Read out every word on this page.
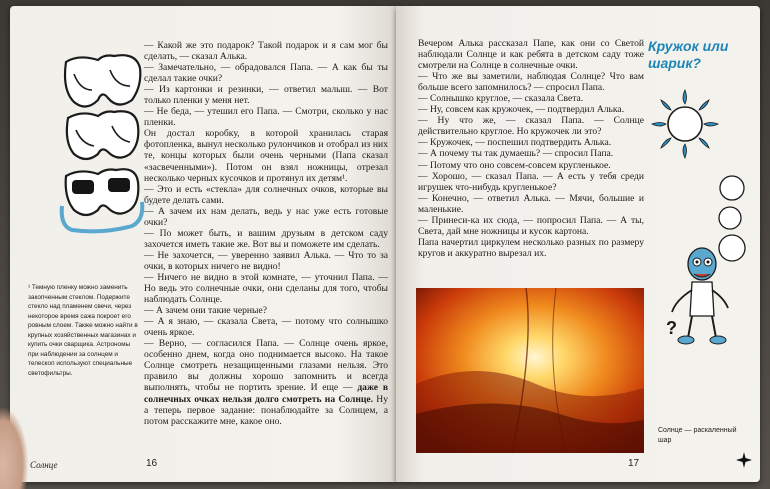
— Какой же это подарок? Такой подарок и я сам мог бы сделать, — сказал Алька.

— Замечательно, — обрадовался Папа. — А как бы ты сделал такие очки?

— Из картонки и резинки, — ответил малыш. — Вот только пленки у меня нет.

— Не беда, — утешил его Папа. — Смотри, сколько у нас пленки.

Он достал коробку, в которой хранилась старая фотопленка, вынул несколько рулончиков и отобрал из них те, концы которых были очень черными (Папа сказал «засвеченными»). Потом он взял ножницы, отрезал несколько черных кусочков и протянул их детям¹.

— Это и есть «стекла» для солнечных очков, которые вы будете делать сами.

— А зачем их нам делать, ведь у нас уже есть готовые очки?

— По может быть, и вашим друзьям в детском саду захочется иметь такие же. Вот вы и поможете им сделать.

— Не захочется, — уверенно заявил Алька. — Что то за очки, в которых ничего не видно!

— Ничего не видно в этой комнате, — уточнил Папа. — Но ведь это солнечные очки, они сделаны для того, чтобы наблюдать Солнце.

— А зачем они такие черные?

— А я знаю, — сказала Света, — потому что солнышко очень яркое.

— Верно, — согласился Папа. — Солнце очень яркое, особенно днем, когда оно поднимается высоко. На такое Солнце смотреть незащищенными глазами нельзя. Это правило вы должны хорошо запомнить и всегда выполнять, чтобы не портить зрение. И еще — даже в солнечных очках нельзя долго смотреть на Солнце. Ну а теперь первое задание: понаблюдайте за Солнцем, а потом расскажите мне, какое оно.

¹ Темную пленку можно заменить закопченным стеклом. Подержите стекло над пламенем свечи, через некоторое время сажа покроет его ровным слоем. Также можно найти в крупных хозяйственных магазинах и купить очки сварщика. Астрономы при наблюдении за солнцем и телескоп используют специальные светофильтры.
Солнце	16

Вечером Алька рассказал Папе, как они со Светой наблюдали Солнце и как ребята в детском саду тоже смотрели на Солнце в солнечные очки.

— Что же вы заметили, наблюдая Солнце? Что вам больше всего запомнилось? — спросил Папа.

— Солнышко круглое, — сказала Света.

— Ну, совсем как кружочек, — подтвердил Алька.

— Ну что же, — сказал Папа. — Солнце действительно круглое. Но кружочек ли это?

— Кружочек, — поспешил подтвердить Алька.

— А почему ты так думаешь? — спросил Папа.

— Потому что оно совсем-совсем кругленькое.

— Хорошо, — сказал Папа. — А есть у тебя среди игрушек что-нибудь кругленькое?

— Конечно, — ответил Алька. — Мячи, большие и маленькие.

— Принеси-ка их сюда, — попросил Папа. — А ты, Света, дай мне ножницы и кусок картона.

Папа начертил циркулем несколько разных по размеру кругов и аккуратно вырезал их.

Кружок или шарик?
?
Солнце — раскаленный шар
17
